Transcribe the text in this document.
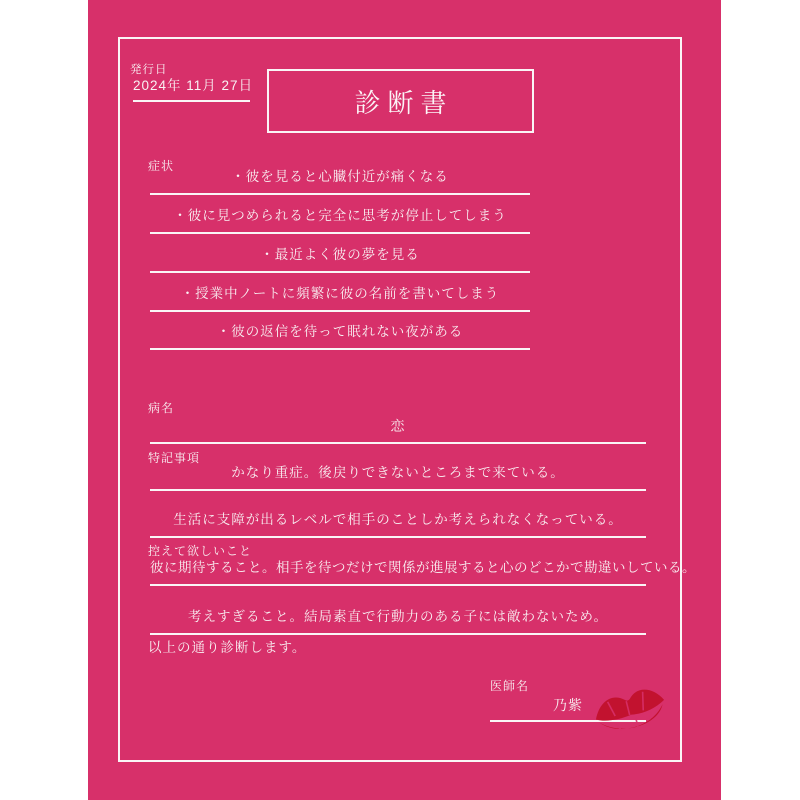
発行日
2024年 11月 27日
診断書
症状
・彼を見ると心臓付近が痛くなる
・彼に見つめられると完全に思考が停止してしまう
・最近よく彼の夢を見る
・授業中ノートに頻繁に彼の名前を書いてしまう
・彼の返信を待って眠れない夜がある
病名
恋
特記事項
かなり重症。後戻りできないところまで来ている。
生活に支障が出るレベルで相手のことしか考えられなくなっている。
控えて欲しいこと
彼に期待すること。相手を待つだけで関係が進展すると心のどこかで勘違いしている。
考えすぎること。結局素直で行動力のある子には敵わないため。
以上の通り診断します。
医師名
乃紫
